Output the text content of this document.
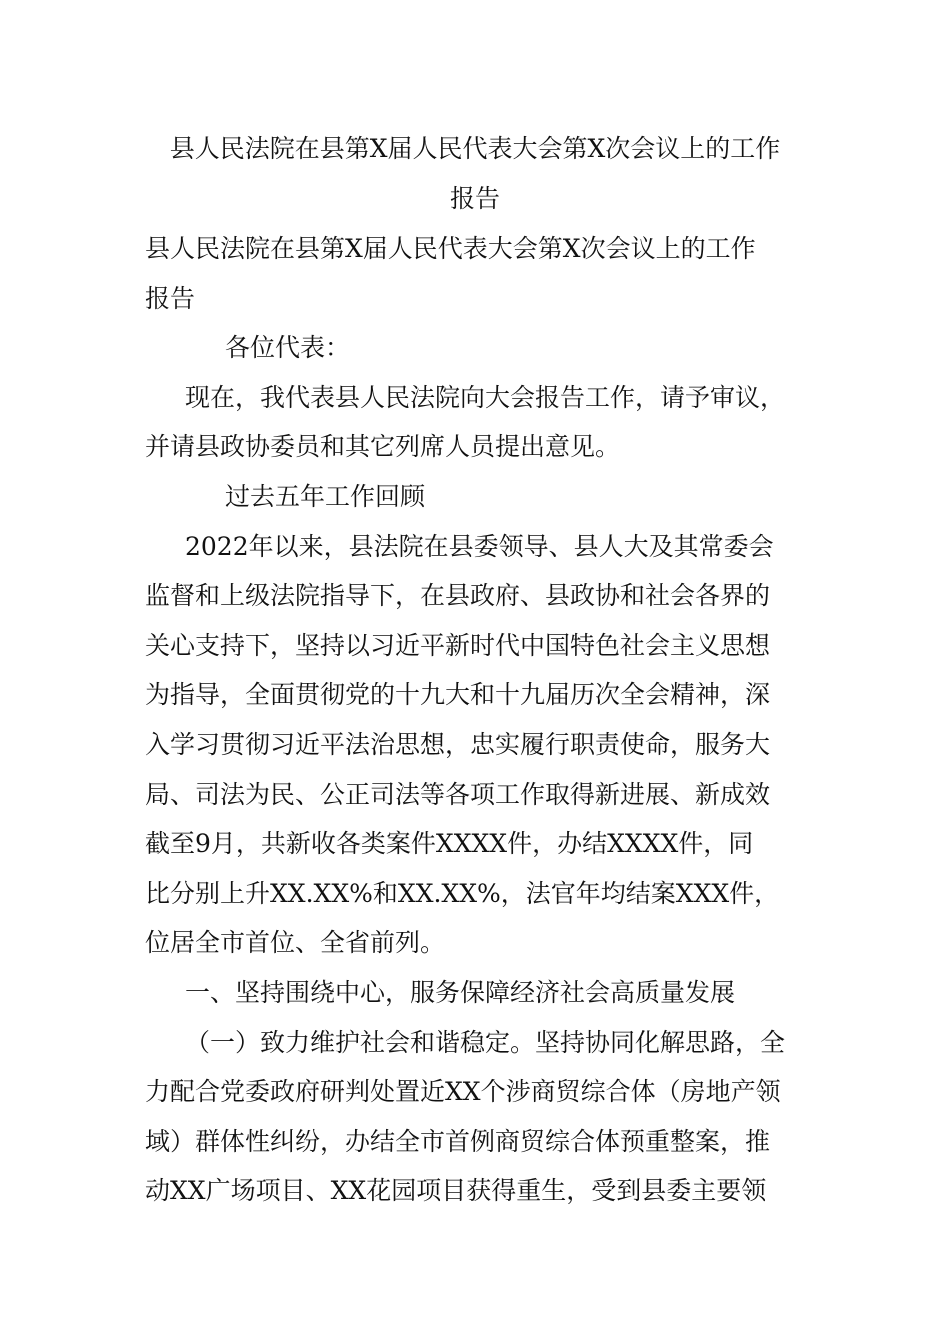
县人民法院在县第X届人民代表大会第X次会议上的工作
报告

县人民法院在县第X届人民代表大会第X次会议上的工作

报告

各位代表：

现在，我代表县人民法院向大会报告工作，请予审议，

并请县政协委员和其它列席人员提出意见。

过去五年工作回顾

2022年以来，县法院在县委领导、县人大及其常委会

监督和上级法院指导下，在县政府、县政协和社会各界的

关心支持下，坚持以习近平新时代中国特色社会主义思想

为指导，全面贯彻党的十九大和十九届历次全会精神，深

入学习贯彻习近平法治思想，忠实履行职责使命，服务大

局、司法为民、公正司法等各项工作取得新进展、新成效

截至9月，共新收各类案件XXXX件，办结XXXX件，同

比分别上升XX.XX%和XX.XX%，法官年均结案XXX件，

位居全市首位、全省前列。

一、坚持围绕中心，服务保障经济社会高质量发展

（一）致力维护社会和谐稳定。坚持协同化解思路，全

力配合党委政府研判处置近XX个涉商贸综合体（房地产领

域）群体性纠纷，办结全市首例商贸综合体预重整案，推

动XX广场项目、XX花园项目获得重生，受到县委主要领
